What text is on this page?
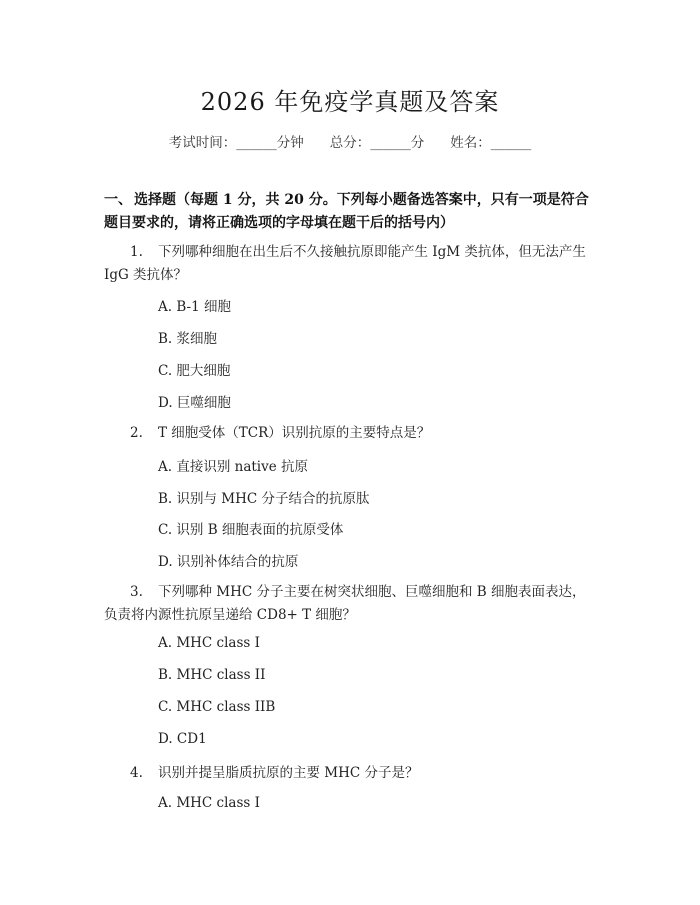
2026 年免疫学真题及答案
考试时间：______分钟 总分：______分 姓名：______
一、 选择题（每题 1 分，共 20 分。下列每小题备选答案中，只有一项是符合题目要求的，请将正确选项的字母填在题干后的括号内）
1. 下列哪种细胞在出生后不久接触抗原即能产生 IgM 类抗体，但无法产生 IgG 类抗体？
A. B-1 细胞
B. 浆细胞
C. 肥大细胞
D. 巨噬细胞
2. T 细胞受体（TCR）识别抗原的主要特点是？
A. 直接识别 native 抗原
B. 识别与 MHC 分子结合的抗原肽
C. 识别 B 细胞表面的抗原受体
D. 识别补体结合的抗原
3. 下列哪种 MHC 分子主要在树突状细胞、巨噬细胞和 B 细胞表面表达，负责将内源性抗原呈递给 CD8+ T 细胞？
A. MHC class I
B. MHC class II
C. MHC class IIB
D. CD1
4. 识别并提呈脂质抗原的主要 MHC 分子是？
A. MHC class I
